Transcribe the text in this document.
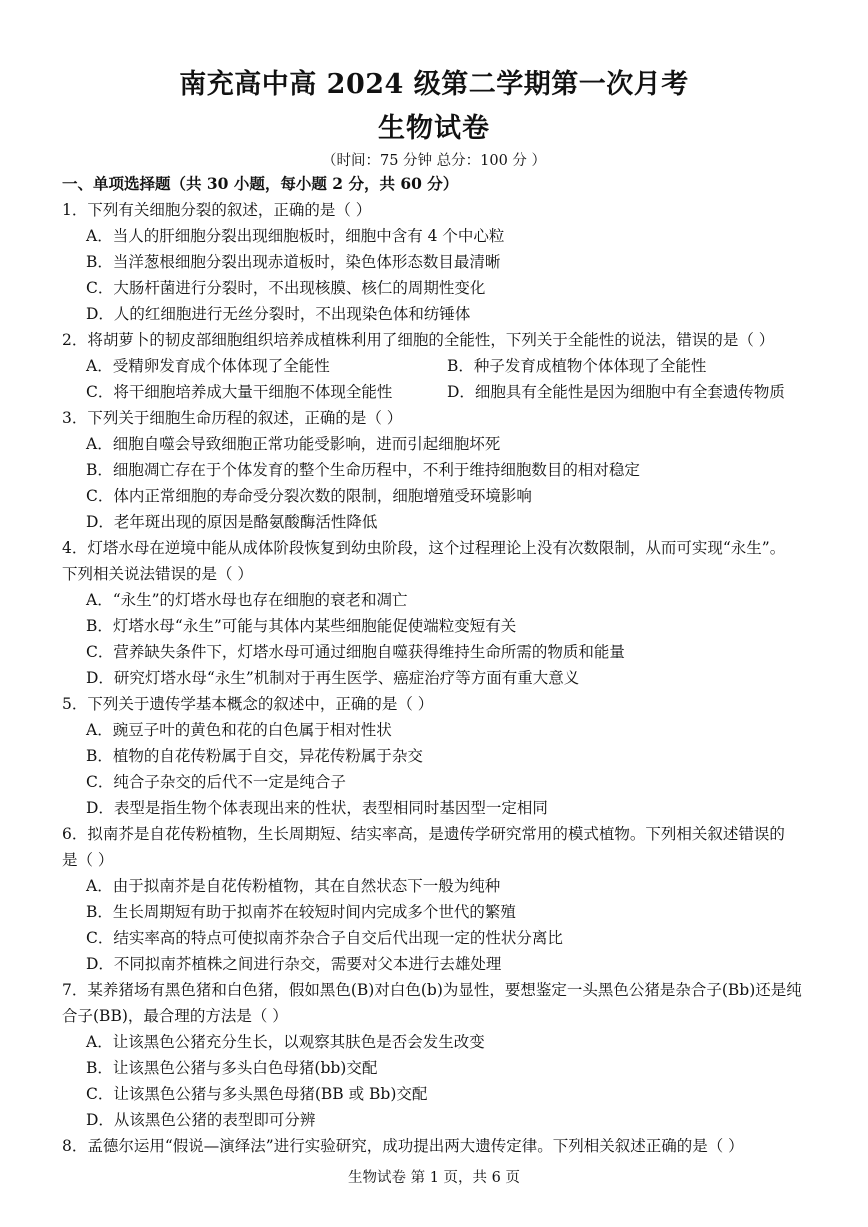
南充高中高 2024 级第二学期第一次月考
生物试卷
（时间：75 分钟 总分：100 分 ）
一、单项选择题（共 30 小题，每小题 2 分，共 60 分）
1．下列有关细胞分裂的叙述，正确的是（ ）
A．当人的肝细胞分裂出现细胞板时，细胞中含有 4 个中心粒
B．当洋葱根细胞分裂出现赤道板时，染色体形态数目最清晰
C．大肠杆菌进行分裂时，不出现核膜、核仁的周期性变化
D．人的红细胞进行无丝分裂时，不出现染色体和纺锤体
2．将胡萝卜的韧皮部细胞组织培养成植株利用了细胞的全能性，下列关于全能性的说法，错误的是（ ）
A．受精卵发育成个体体现了全能性	B．种子发育成植物个体体现了全能性
C．将干细胞培养成大量干细胞不体现全能性	D．细胞具有全能性是因为细胞中有全套遗传物质
3．下列关于细胞生命历程的叙述，正确的是（ ）
A．细胞自噬会导致细胞正常功能受影响，进而引起细胞坏死
B．细胞凋亡存在于个体发育的整个生命历程中，不利于维持细胞数目的相对稳定
C．体内正常细胞的寿命受分裂次数的限制，细胞增殖受环境影响
D．老年斑出现的原因是酪氨酸酶活性降低
4．灯塔水母在逆境中能从成体阶段恢复到幼虫阶段，这个过程理论上没有次数限制，从而可实现“永生”。
下列相关说法错误的是（ ）
A．“永生”的灯塔水母也存在细胞的衰老和凋亡
B．灯塔水母“永生”可能与其体内某些细胞能促使端粒变短有关
C．营养缺失条件下，灯塔水母可通过细胞自噬获得维持生命所需的物质和能量
D．研究灯塔水母“永生”机制对于再生医学、癌症治疗等方面有重大意义
5．下列关于遗传学基本概念的叙述中，正确的是（ ）
A．豌豆子叶的黄色和花的白色属于相对性状
B．植物的自花传粉属于自交，异花传粉属于杂交
C．纯合子杂交的后代不一定是纯合子
D．表型是指生物个体表现出来的性状，表型相同时基因型一定相同
6．拟南芥是自花传粉植物，生长周期短、结实率高，是遗传学研究常用的模式植物。下列相关叙述错误的
是（ ）
A．由于拟南芥是自花传粉植物，其在自然状态下一般为纯种
B．生长周期短有助于拟南芥在较短时间内完成多个世代的繁殖
C．结实率高的特点可使拟南芥杂合子自交后代出现一定的性状分离比
D．不同拟南芥植株之间进行杂交，需要对父本进行去雄处理
7．某养猪场有黑色猪和白色猪，假如黑色(B)对白色(b)为显性，要想鉴定一头黑色公猪是杂合子(Bb)还是纯
合子(BB)，最合理的方法是（ ）
A．让该黑色公猪充分生长，以观察其肤色是否会发生改变
B．让该黑色公猪与多头白色母猪(bb)交配
C．让该黑色公猪与多头黑色母猪(BB 或 Bb)交配
D．从该黑色公猪的表型即可分辨
8．孟德尔运用“假说—演绎法”进行实验研究，成功提出两大遗传定律。下列相关叙述正确的是（ ）
生物试卷 第 1 页，共 6 页
